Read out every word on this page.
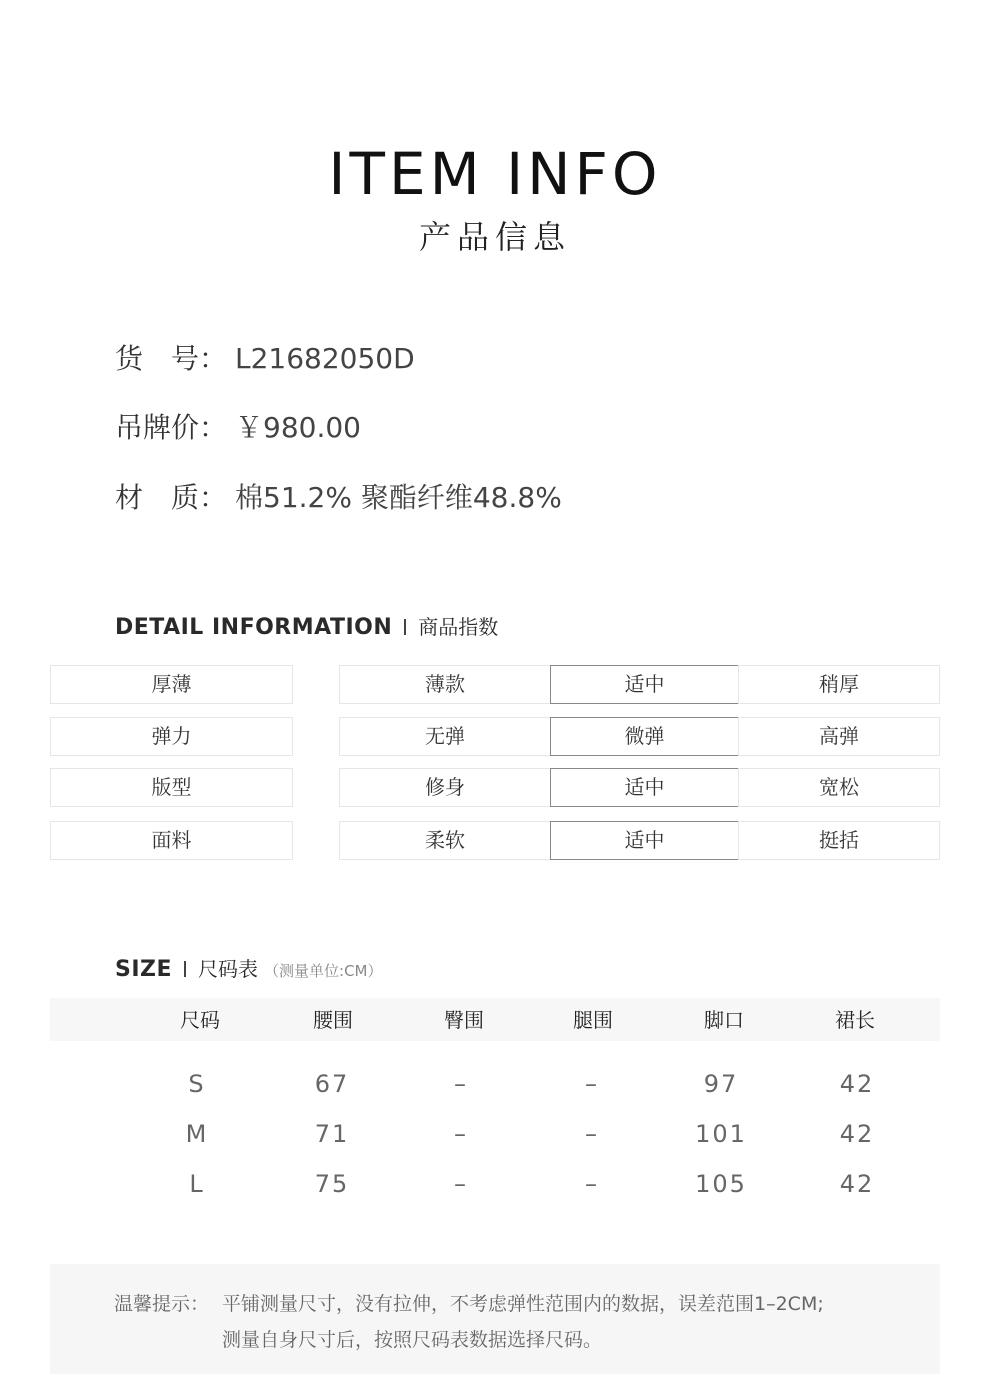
ITEM INFO
产品信息
货　号： L21682050D
吊牌价： ￥980.00
材　质： 棉51.2% 聚酯纤维48.8%
DETAIL INFORMATION 商品指数
厚薄	薄款	适中	稍厚
弹力	无弹	微弹	高弹
版型	修身	适中	宽松
面料	柔软	适中	挺括
SIZE 尺码表 （测量单位:CM）
尺码	腰围	臀围	腿围	脚口	裙长
S	67	–	–	97	42
M	71	–	–	101	42
L	75	–	–	105	42
温馨提示： 平铺测量尺寸，没有拉伸，不考虑弹性范围内的数据，误差范围1–2CM;
测量自身尺寸后，按照尺码表数据选择尺码。
